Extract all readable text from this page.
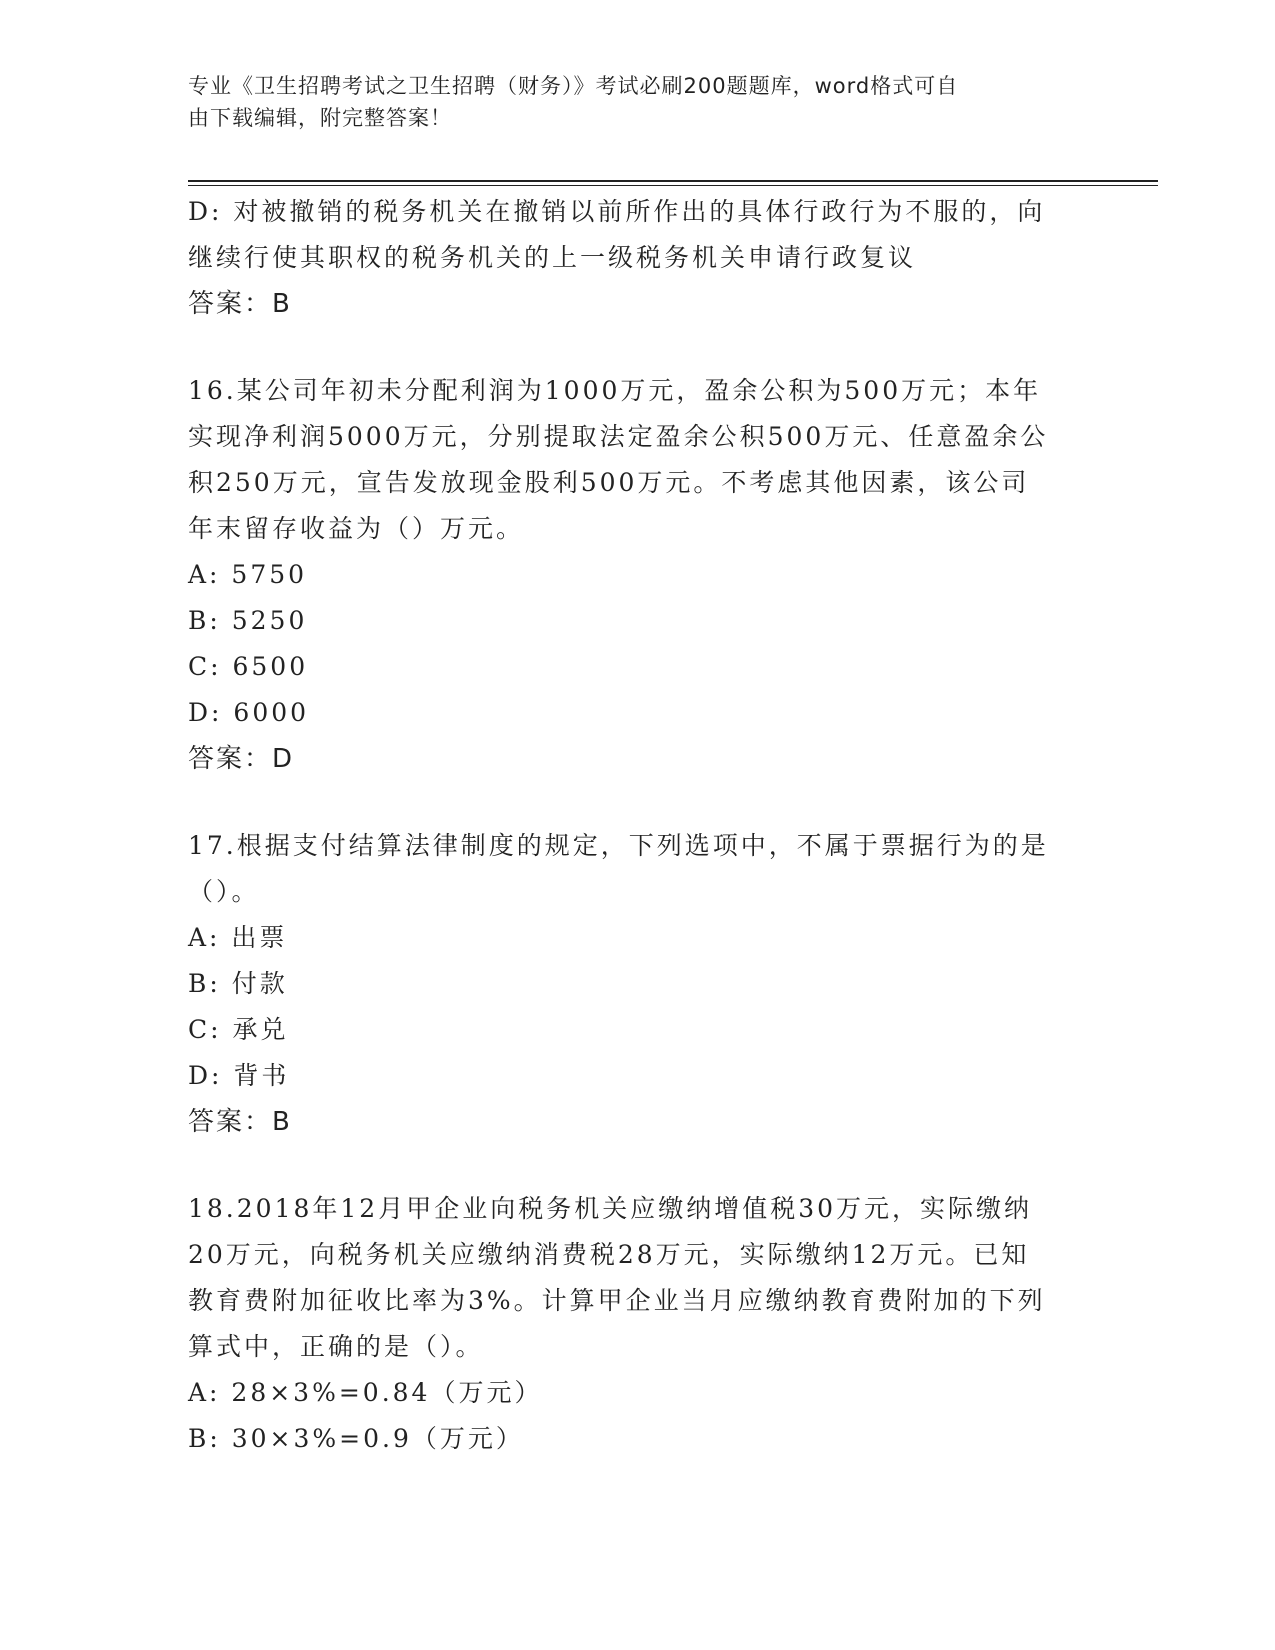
专业《卫生招聘考试之卫生招聘（财务）》考试必刷200题题库，word格式可自
由下载编辑，附完整答案！
D: 对被撤销的税务机关在撤销以前所作出的具体行政行为不服的，向
继续行使其职权的税务机关的上一级税务机关申请行政复议
答案：B
16.某公司年初未分配利润为1000万元，盈余公积为500万元；本年
实现净利润5000万元，分别提取法定盈余公积500万元、任意盈余公
积250万元，宣告发放现金股利500万元。不考虑其他因素，该公司
年末留存收益为（）万元。
A: 5750
B: 5250
C: 6500
D: 6000
答案：D
17.根据支付结算法律制度的规定，下列选项中，不属于票据行为的是
（）。
A: 出票
B: 付款
C: 承兑
D: 背书
答案：B
18.2018年12月甲企业向税务机关应缴纳增值税30万元，实际缴纳
20万元，向税务机关应缴纳消费税28万元，实际缴纳12万元。已知
教育费附加征收比率为3%。计算甲企业当月应缴纳教育费附加的下列
算式中，正确的是（）。
A: 28×3%=0.84（万元）
B: 30×3%=0.9（万元）
